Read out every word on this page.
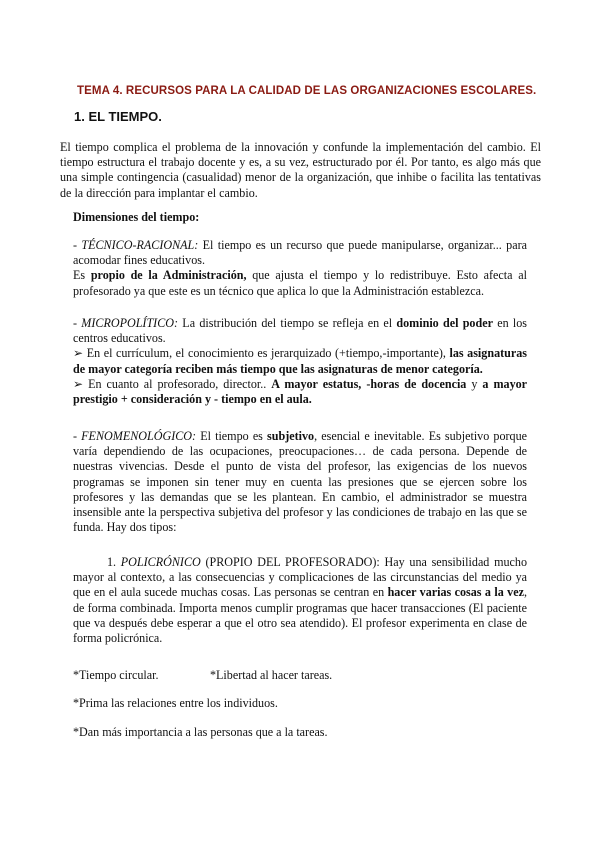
TEMA 4. RECURSOS PARA LA CALIDAD DE LAS ORGANIZACIONES ESCOLARES.
1. EL TIEMPO.
El tiempo complica el problema de la innovación y confunde la implementación del cambio. El tiempo estructura el trabajo docente y es, a su vez, estructurado por él. Por tanto, es algo más que una simple contingencia (casualidad) menor de la organización, que inhibe o facilita las tentativas de la dirección para implantar el cambio.
Dimensiones del tiempo:
- TÉCNICO-RACIONAL: El tiempo es un recurso que puede manipularse, organizar... para acomodar fines educativos.
Es propio de la Administración, que ajusta el tiempo y lo redistribuye. Esto afecta al profesorado ya que este es un técnico que aplica lo que la Administración establezca.
- MICROPOLÍTICO: La distribución del tiempo se refleja en el dominio del poder en los centros educativos.
➢ En el currículum, el conocimiento es jerarquizado (+tiempo,-importante), las asignaturas de mayor categoría reciben más tiempo que las asignaturas de menor categoría.
➢ En cuanto al profesorado, director.. A mayor estatus, -horas de docencia y a mayor prestigio + consideración y - tiempo en el aula.
- FENOMENOLÓGICO: El tiempo es subjetivo, esencial e inevitable. Es subjetivo porque varía dependiendo de las ocupaciones, preocupaciones… de cada persona. Depende de nuestras vivencias. Desde el punto de vista del profesor, las exigencias de los nuevos programas se imponen sin tener muy en cuenta las presiones que se ejercen sobre los profesores y las demandas que se les plantean. En cambio, el administrador se muestra insensible ante la perspectiva subjetiva del profesor y las condiciones de trabajo en las que se funda. Hay dos tipos:
1. POLICRÓNICO (PROPIO DEL PROFESORADO): Hay una sensibilidad mucho mayor al contexto, a las consecuencias y complicaciones de las circunstancias del medio ya que en el aula sucede muchas cosas. Las personas se centran en hacer varias cosas a la vez, de forma combinada. Importa menos cumplir programas que hacer transacciones (El paciente que va después debe esperar a que el otro sea atendido). El profesor experimenta en clase de forma policrónica.
*Tiempo circular.	*Libertad al hacer tareas.
*Prima las relaciones entre los individuos.
*Dan más importancia a las personas que a la tareas.
